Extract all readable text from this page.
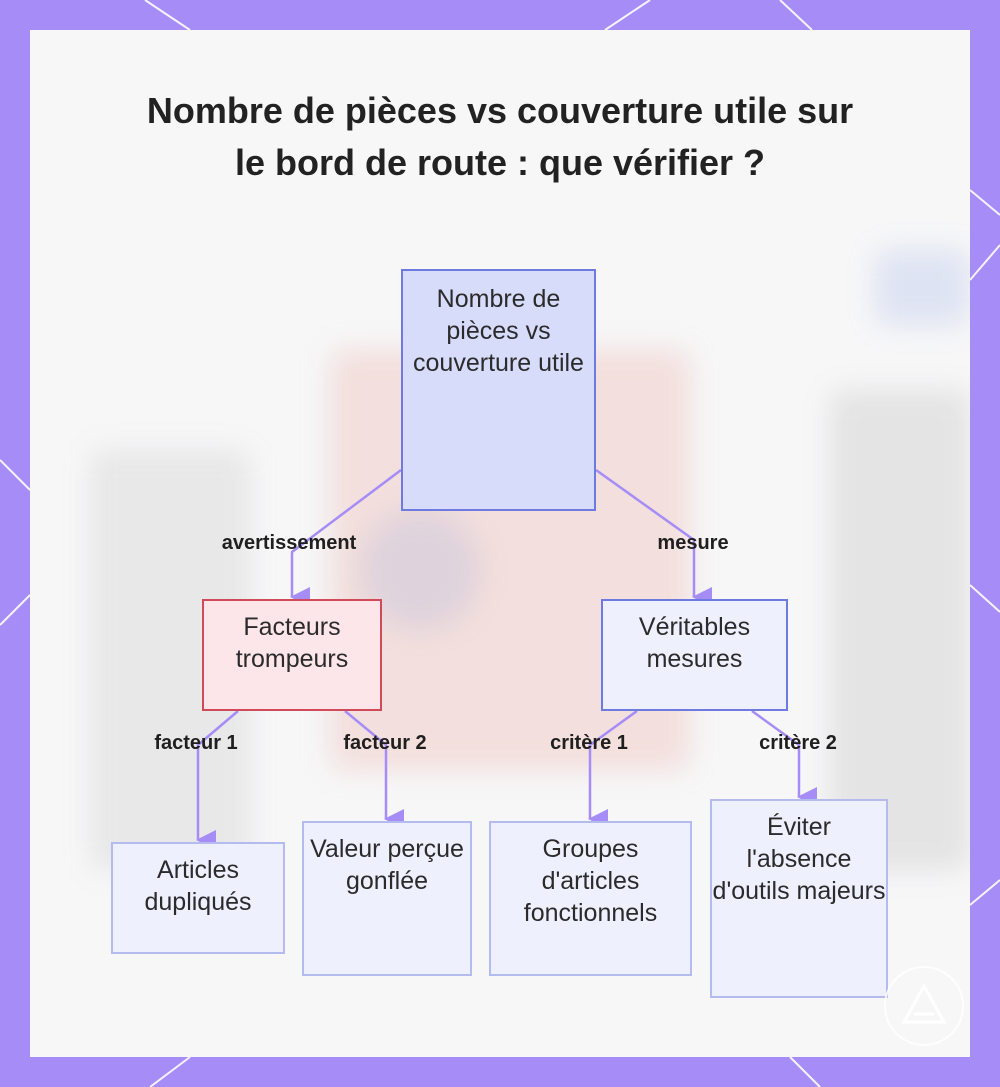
Nombre de pièces vs couverture utile sur le bord de route : que vérifier ?
Nombre de pièces vs couverture utile
Facteurs trompeurs
Véritables mesures
Articles dupliqués
Valeur perçue gonflée
Groupes d'articles fonctionnels
Éviter l'absence d'outils majeurs
avertissement	mesure
facteur 1	facteur 2	critère 1	critère 2
